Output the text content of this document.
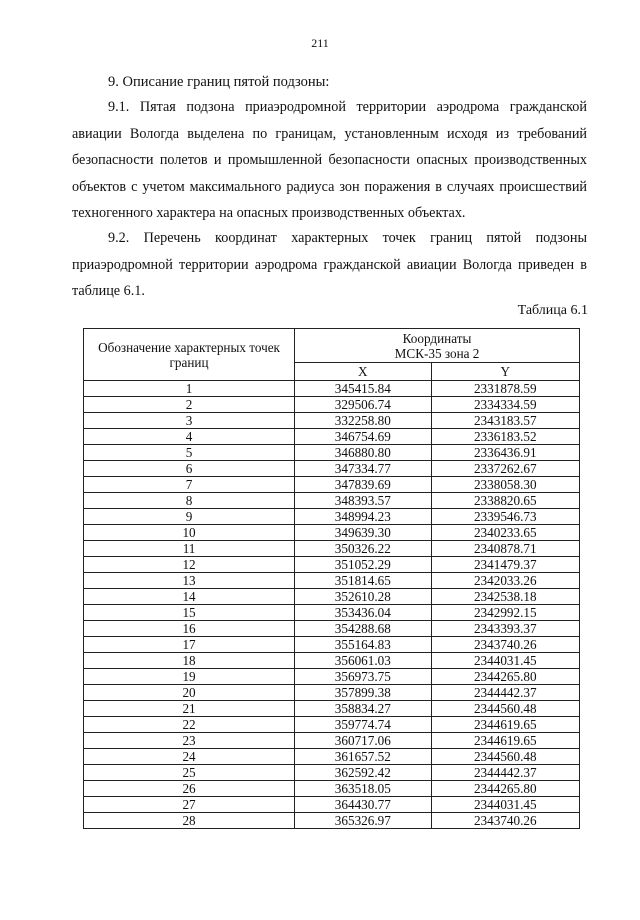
211
9. Описание границ пятой подзоны:

9.1. Пятая подзона приаэродромной территории аэродрома гражданской авиации Вологда выделена по границам, установленным исходя из требований безопасности полетов и промышленной безопасности опасных производственных объектов с учетом максимального радиуса зон поражения в случаях происшествий техногенного характера на опасных производственных объектах.

9.2. Перечень координат характерных точек границ пятой подзоны приаэродромной территории аэродрома гражданской авиации Вологда приведен в таблице 6.1.

Таблица 6.1
Обозначение характерных точек границ	Координаты
МСК-35 зона 2	

	X	Y
1	345415.84	2331878.59
2	329506.74	2334334.59
3	332258.80	2343183.57
4	346754.69	2336183.52
5	346880.80	2336436.91
6	347334.77	2337262.67
7	347839.69	2338058.30
8	348393.57	2338820.65
9	348994.23	2339546.73
10	349639.30	2340233.65
11	350326.22	2340878.71
12	351052.29	2341479.37
13	351814.65	2342033.26
14	352610.28	2342538.18
15	353436.04	2342992.15
16	354288.68	2343393.37
17	355164.83	2343740.26
18	356061.03	2344031.45
19	356973.75	2344265.80
20	357899.38	2344442.37
21	358834.27	2344560.48
22	359774.74	2344619.65
23	360717.06	2344619.65
24	361657.52	2344560.48
25	362592.42	2344442.37
26	363518.05	2344265.80
27	364430.77	2344031.45
28	365326.97	2343740.26
